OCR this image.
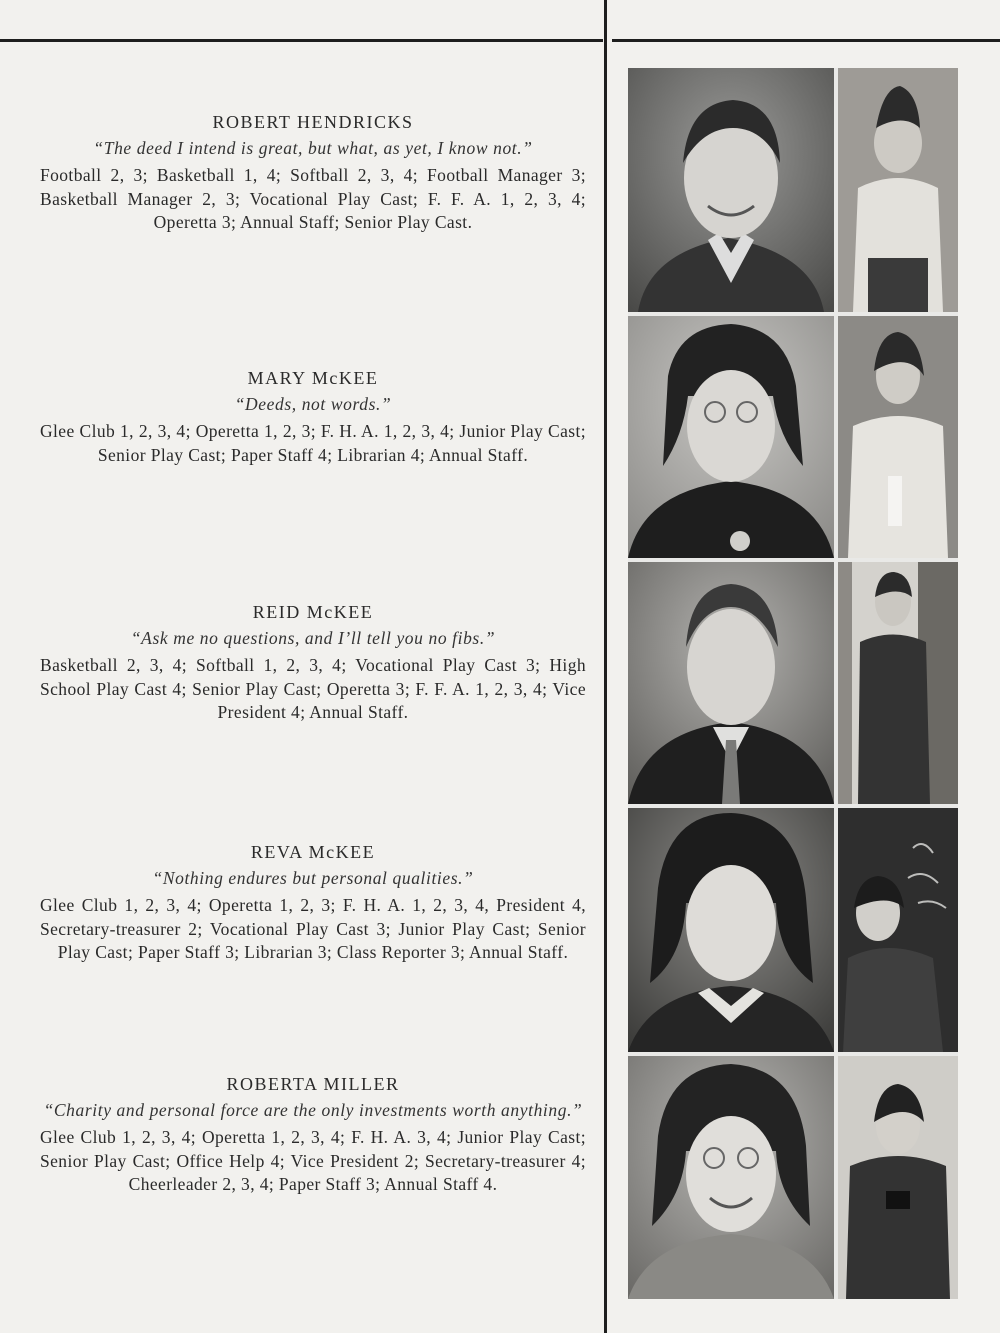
ROBERT HENDRICKS

“The deed I intend is great, but what, as yet, I know not.”

Football 2, 3; Basketball 1, 4; Softball 2, 3, 4; Football Manager 3; Basketball Manager 2, 3; Vocational Play Cast; F. F. A. 1, 2, 3, 4; Operetta 3; Annual Staff; Senior Play Cast.

MARY McKEE

“Deeds, not words.”

Glee Club 1, 2, 3, 4; Operetta 1, 2, 3; F. H. A. 1, 2, 3, 4; Junior Play Cast; Senior Play Cast; Paper Staff 4; Librarian 4; Annual Staff.

REID McKEE

“Ask me no questions, and I’ll tell you no fibs.”

Basketball 2, 3, 4; Softball 1, 2, 3, 4; Vocational Play Cast 3; High School Play Cast 4; Senior Play Cast; Operetta 3; F. F. A. 1, 2, 3, 4; Vice President 4; Annual Staff.

REVA McKEE

“Nothing endures but personal qualities.”

Glee Club 1, 2, 3, 4; Operetta 1, 2, 3; F. H. A. 1, 2, 3, 4, President 4, Secretary-treasurer 2; Vocational Play Cast 3; Junior Play Cast; Senior Play Cast; Paper Staff 3; Librarian 3; Class Reporter 3; Annual Staff.

ROBERTA MILLER

“Charity and personal force are the only investments worth anything.”

Glee Club 1, 2, 3, 4; Operetta 1, 2, 3, 4; F. H. A. 3, 4; Junior Play Cast; Senior Play Cast; Office Help 4; Vice President 2; Secretary-treasurer 4; Cheerleader 2, 3, 4; Paper Staff 3; Annual Staff 4.
